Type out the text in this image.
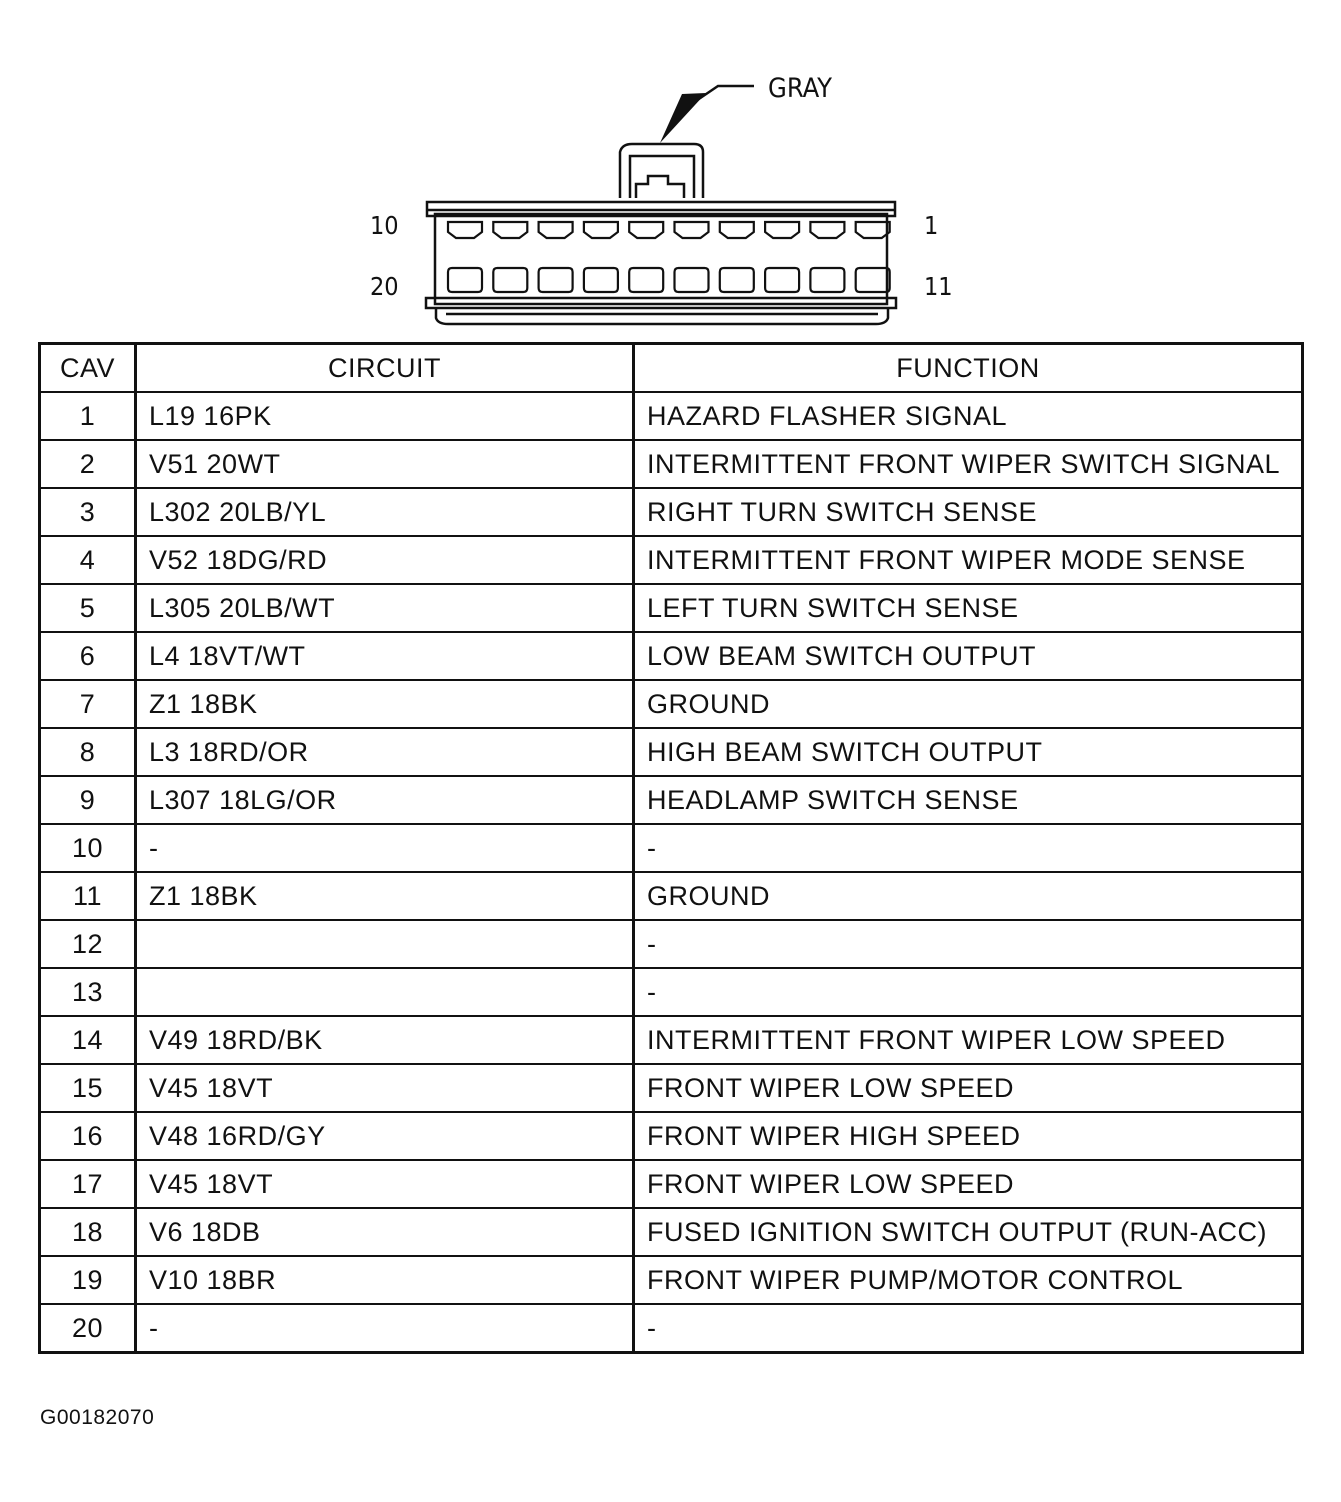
GRAY
10	1
20	11
CAV	CIRCUIT	FUNCTION
1	L19 16PK	HAZARD FLASHER SIGNAL
2	V51 20WT	INTERMITTENT FRONT WIPER SWITCH SIGNAL
3	L302 20LB/YL	RIGHT TURN SWITCH SENSE
4	V52 18DG/RD	INTERMITTENT FRONT WIPER MODE SENSE
5	L305 20LB/WT	LEFT TURN SWITCH SENSE
6	L4 18VT/WT	LOW BEAM SWITCH OUTPUT
7	Z1 18BK	GROUND
8	L3 18RD/OR	HIGH BEAM SWITCH OUTPUT
9	L307 18LG/OR	HEADLAMP SWITCH SENSE
10	-	-
11	Z1 18BK	GROUND
12		-
13		-
14	V49 18RD/BK	INTERMITTENT FRONT WIPER LOW SPEED
15	V45 18VT	FRONT WIPER LOW SPEED
16	V48 16RD/GY	FRONT WIPER HIGH SPEED
17	V45 18VT	FRONT WIPER LOW SPEED
18	V6 18DB	FUSED IGNITION SWITCH OUTPUT (RUN-ACC)
19	V10 18BR	FRONT WIPER PUMP/MOTOR CONTROL
20	-	-
G00182070
